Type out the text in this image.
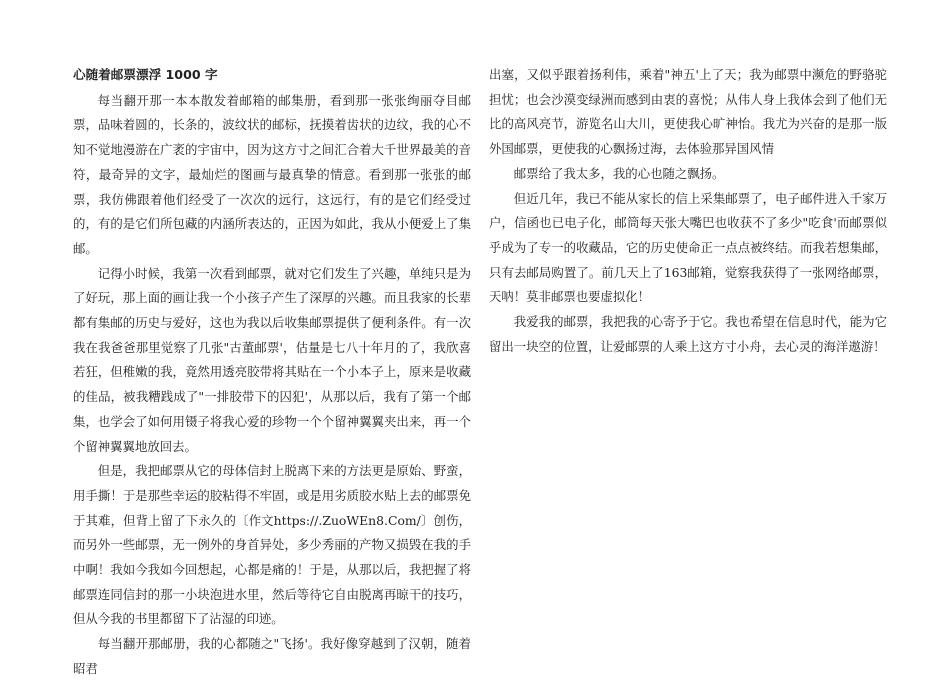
心随着邮票漂浮 1000 字

每当翻开那一本本散发着邮箱的邮集册，看到那一张张绚丽夺目邮票，品味着圆的，长条的，波纹状的邮标，抚摸着齿状的边纹，我的心不知不觉地漫游在广袤的宇宙中，因为这方寸之间汇合着大千世界最美的音符，最奇异的文字，最灿烂的图画与最真挚的情意。看到那一张张的邮票，我仿佛跟着他们经受了一次次的远行，这远行，有的是它们经受过的，有的是它们所包藏的内涵所表达的，正因为如此，我从小便爱上了集邮。

记得小时候，我第一次看到邮票，就对它们发生了兴趣，单纯只是为了好玩，那上面的画让我一个小孩子产生了深厚的兴趣。而且我家的长辈都有集邮的历史与爱好，这也为我以后收集邮票提供了便利条件。有一次我在我爸爸那里觉察了几张"古董邮票'，估量是七八十年月的了，我欣喜若狂，但稚嫩的我，竟然用透亮胶带将其贴在一个小本子上，原来是收藏的佳品，被我糟践成了"一排胶带下的囚犯'，从那以后，我有了第一个邮集，也学会了如何用镊子将我心爱的珍物一个个留神翼翼夹出来，再一个个留神翼翼地放回去。

但是，我把邮票从它的母体信封上脱离下来的方法更是原始、野蛮，用手撕！于是那些幸运的胶粘得不牢固，或是用劣质胶水贴上去的邮票免于其难，但背上留了下永久的〔作文https://.ZuoWEn8.Com/〕创伤，而另外一些邮票，无一例外的身首异处，多少秀丽的产物又损毁在我的手中啊！我如今我如今回想起，心都是痛的！于是，从那以后，我把握了将邮票连同信封的那一小块泡进水里，然后等待它自由脱离再晾干的技巧，但从今我的书里都留下了沾湿的印迹。

每当翻开那邮册，我的心都随之"飞扬'。我好像穿越到了汉朝，随着昭君

出塞，又似乎跟着扬利伟，乘着"神五'上了天；我为邮票中濒危的野骆驼担忧；也会沙漠变绿洲而感到由衷的喜悦；从伟人身上我体会到了他们无比的高风亮节，游览名山大川，更使我心旷神怡。我尤为兴奋的是那一版外国邮票，更使我的心飘扬过海，去体验那异国风情

邮票给了我太多，我的心也随之飘扬。

但近几年，我已不能从家长的信上采集邮票了，电子邮件进入千家万户，信函也已电子化，邮筒每天张大嘴巴也收获不了多少"吃食'而邮票似乎成为了专一的收藏品，它的历史使命正一点点被终结。而我若想集邮，只有去邮局购置了。前几天上了163邮箱，觉察我获得了一张网络邮票，天呐！莫非邮票也要虚拟化！

我爱我的邮票，我把我的心寄予于它。我也希望在信息时代，能为它留出一块空的位置，让爱邮票的人乘上这方寸小舟，去心灵的海洋遨游！
